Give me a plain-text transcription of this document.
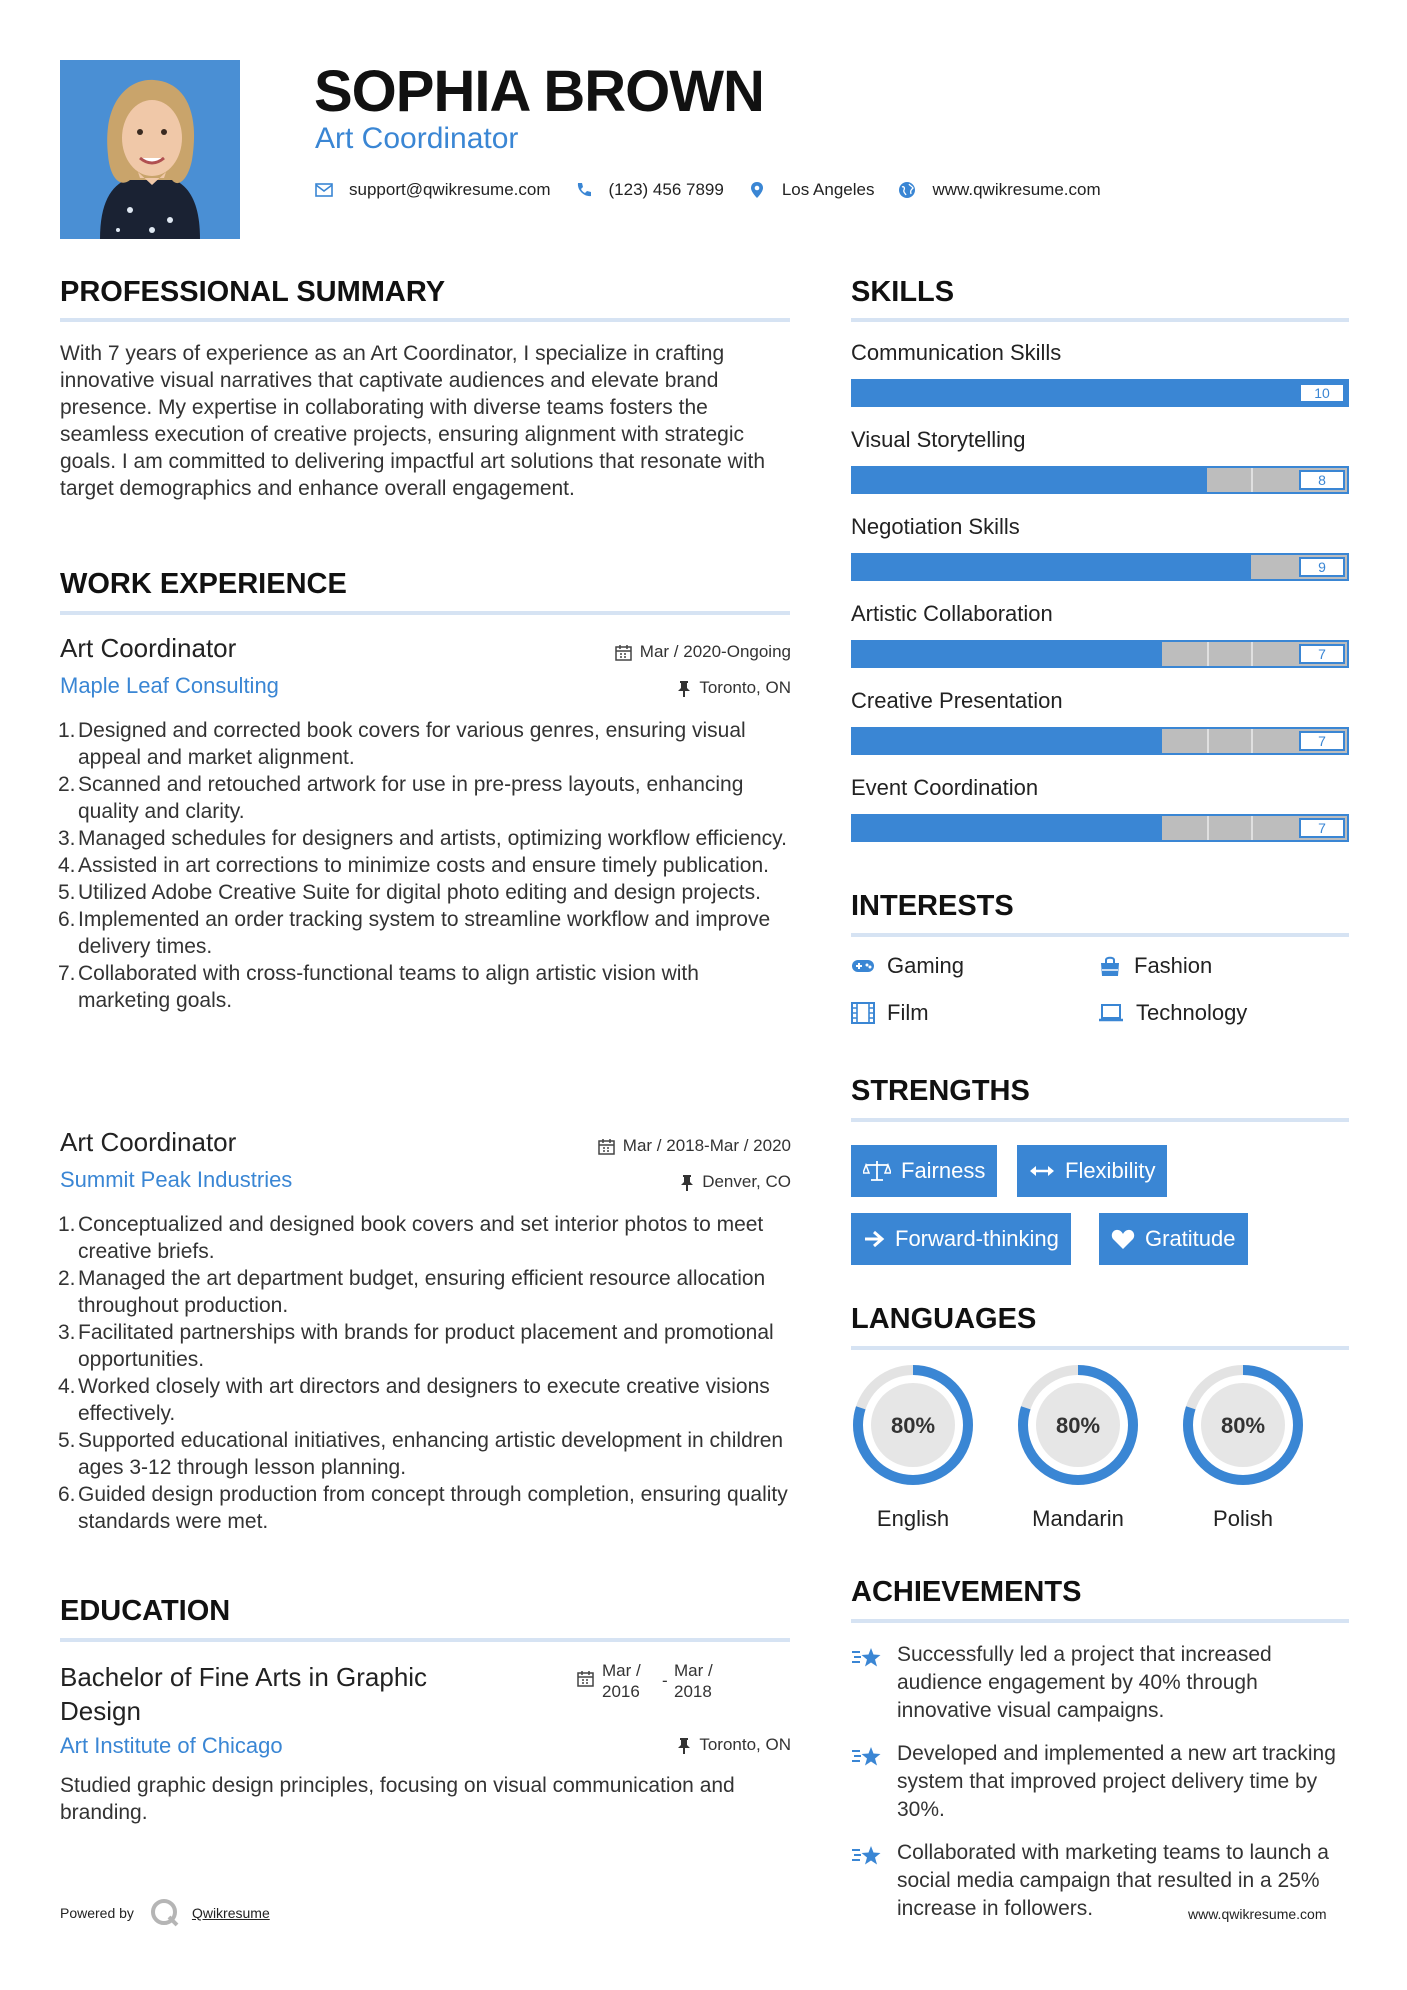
SOPHIA BROWN
Art Coordinator
support@qwikresume.com	(123) 456 7899	Los Angeles	www.qwikresume.com
PROFESSIONAL SUMMARY
With 7 years of experience as an Art Coordinator, I specialize in crafting innovative visual narratives that captivate audiences and elevate brand presence. My expertise in collaborating with diverse teams fosters the seamless execution of creative projects, ensuring alignment with strategic goals. I am committed to delivering impactful art solutions that resonate with target demographics and enhance overall engagement.
WORK EXPERIENCE
Art Coordinator	Mar / 2020-Ongoing
Maple Leaf Consulting	Toronto, ON
1. Designed and corrected book covers for various genres, ensuring visual appeal and market alignment.
2. Scanned and retouched artwork for use in pre-press layouts, enhancing quality and clarity.
3. Managed schedules for designers and artists, optimizing workflow efficiency.
4. Assisted in art corrections to minimize costs and ensure timely publication.
5. Utilized Adobe Creative Suite for digital photo editing and design projects.
6. Implemented an order tracking system to streamline workflow and improve delivery times.
7. Collaborated with cross-functional teams to align artistic vision with marketing goals.
Art Coordinator	Mar / 2018-Mar / 2020
Summit Peak Industries	Denver, CO
1. Conceptualized and designed book covers and set interior photos to meet creative briefs.
2. Managed the art department budget, ensuring efficient resource allocation throughout production.
3. Facilitated partnerships with brands for product placement and promotional opportunities.
4. Worked closely with art directors and designers to execute creative visions effectively.
5. Supported educational initiatives, enhancing artistic development in children ages 3-12 through lesson planning.
6. Guided design production from concept through completion, ensuring quality standards were met.
EDUCATION
Bachelor of Fine Arts in Graphic
Design
Mar /
2016
-
Mar /
2018
Art Institute of Chicago	Toronto, ON
Studied graphic design principles, focusing on visual communication and branding.
SKILLS
Communication Skills
10
Visual Storytelling
8
Negotiation Skills
9
Artistic Collaboration
7
Creative Presentation
7
Event Coordination
7
INTERESTS
Gaming	Fashion
Film	Technology
STRENGTHS
Fairness	Flexibility
Forward-thinking	Gratitude
LANGUAGES
80%
English
80%
Mandarin
80%
Polish
ACHIEVEMENTS
Successfully led a project that increased audience engagement by 40% through innovative visual campaigns.
Developed and implemented a new art tracking system that improved project delivery time by 30%.
Collaborated with marketing teams to launch a social media campaign that resulted in a 25% increase in followers.
Powered by	Qwikresume	www.qwikresume.com
